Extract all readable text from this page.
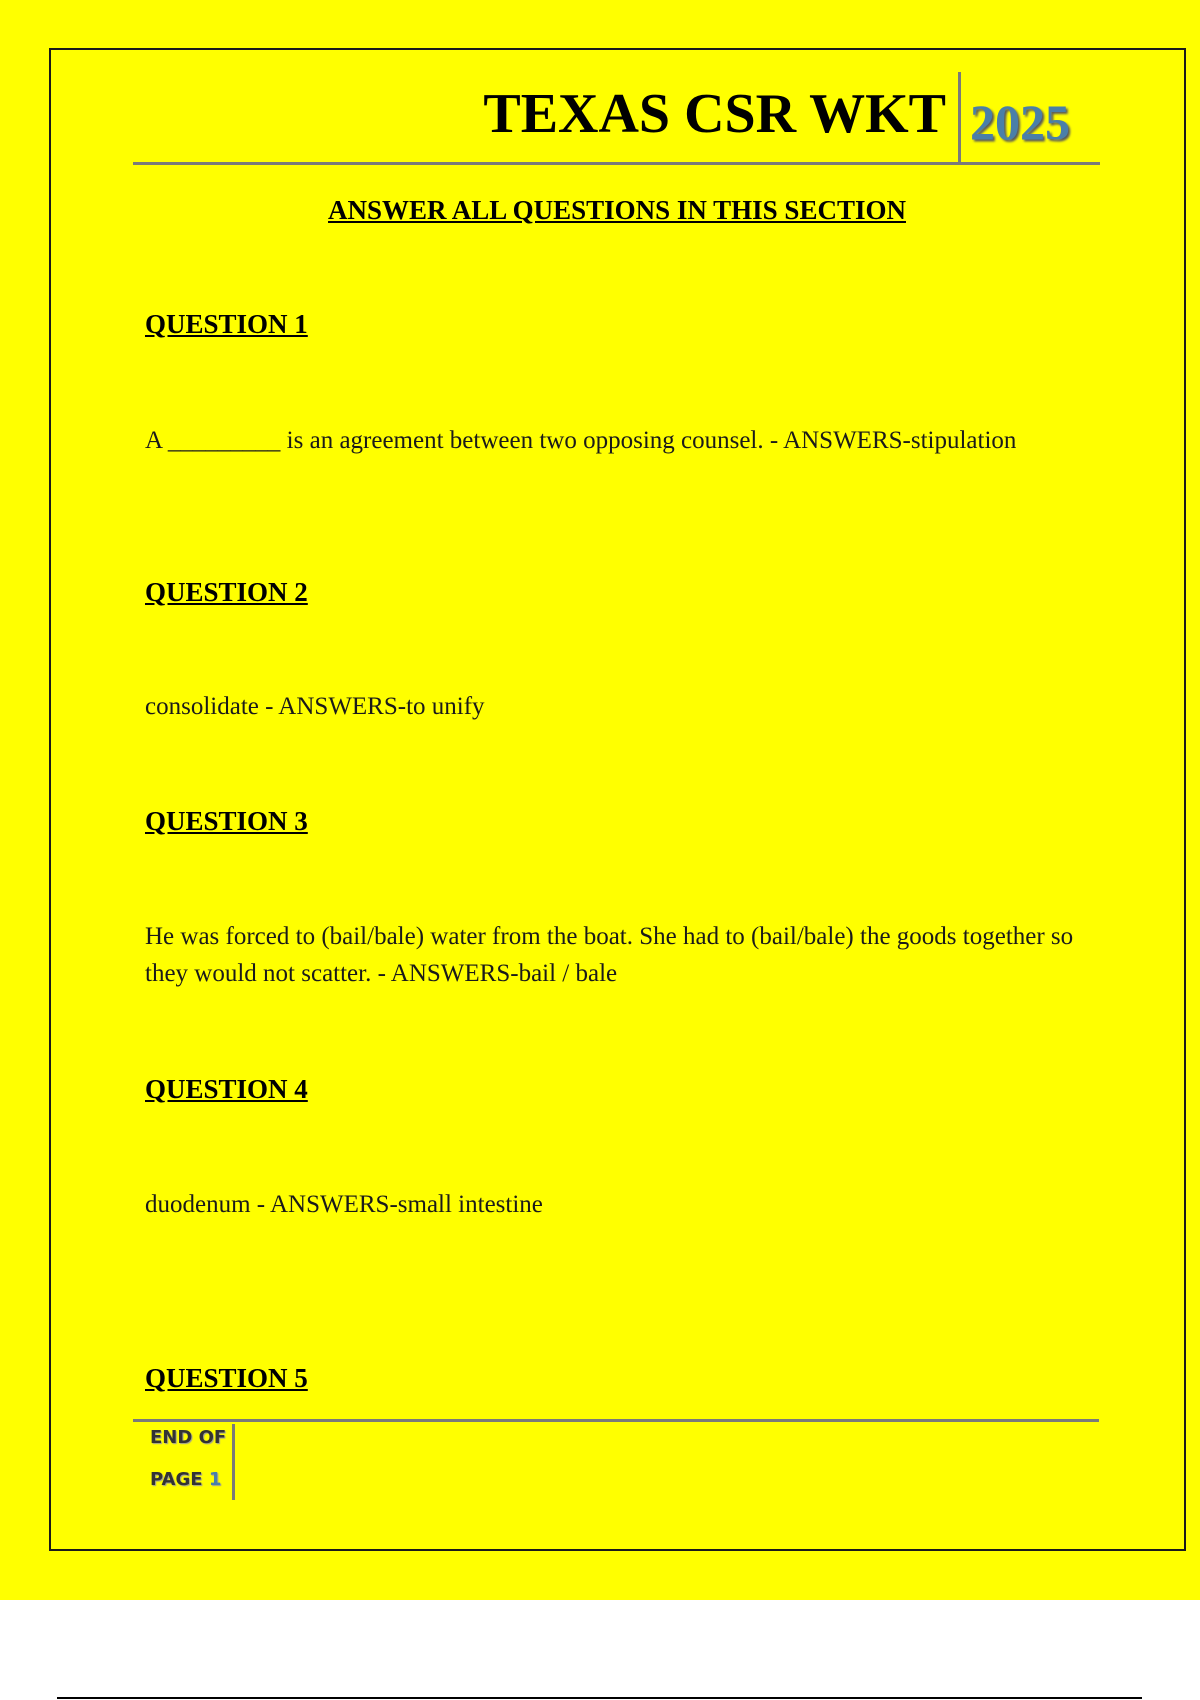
TEXAS CSR WKT 2025
ANSWER ALL QUESTIONS IN THIS SECTION
QUESTION 1
A _________ is an agreement between two opposing counsel. - ANSWERS-stipulation
QUESTION 2
consolidate - ANSWERS-to unify
QUESTION 3
He was forced to (bail/bale) water from the boat. She had to (bail/bale) the goods together so they would not scatter. - ANSWERS-bail / bale
QUESTION 4
duodenum - ANSWERS-small intestine
QUESTION 5
END OF
PAGE 1
